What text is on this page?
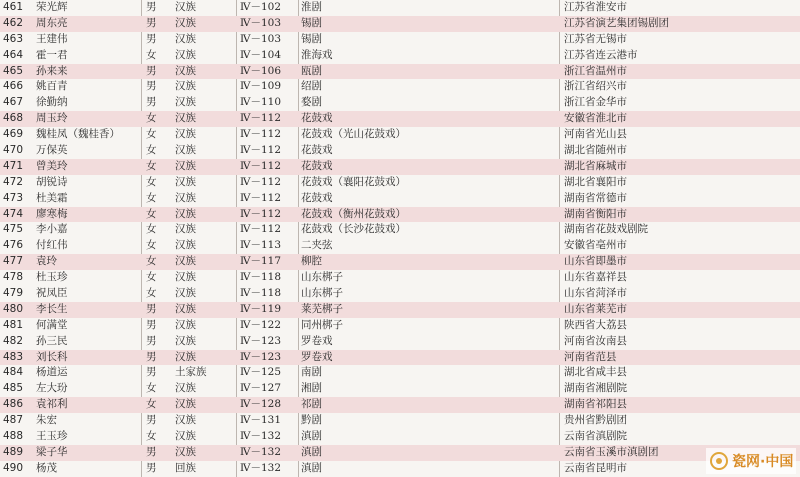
461	荣光辉	男	汉族	Ⅳ－102	淮剧	江苏省淮安市
462	周东亮	男	汉族	Ⅳ－103	锡剧	江苏省演艺集团锡剧团
463	王建伟	男	汉族	Ⅳ－103	锡剧	江苏省无锡市
464	霍一君	女	汉族	Ⅳ－104	淮海戏	江苏省连云港市
465	孙来来	男	汉族	Ⅳ－106	瓯剧	浙江省温州市
466	姚百青	男	汉族	Ⅳ－109	绍剧	浙江省绍兴市
467	徐勤纳	男	汉族	Ⅳ－110	婺剧	浙江省金华市
468	周玉玲	女	汉族	Ⅳ－112	花鼓戏	安徽省淮北市
469	魏桂凤（魏桂香）	女	汉族	Ⅳ－112	花鼓戏（光山花鼓戏）	河南省光山县
470	万保英	女	汉族	Ⅳ－112	花鼓戏	湖北省随州市
471	曾美玲	女	汉族	Ⅳ－112	花鼓戏	湖北省麻城市
472	胡锐诗	女	汉族	Ⅳ－112	花鼓戏（襄阳花鼓戏）	湖北省襄阳市
473	杜美霜	女	汉族	Ⅳ－112	花鼓戏	湖南省常德市
474	廖寒梅	女	汉族	Ⅳ－112	花鼓戏（衡州花鼓戏）	湖南省衡阳市
475	李小嘉	女	汉族	Ⅳ－112	花鼓戏（长沙花鼓戏）	湖南省花鼓戏剧院
476	付红伟	女	汉族	Ⅳ－113	二夹弦	安徽省亳州市
477	袁玲	女	汉族	Ⅳ－117	柳腔	山东省即墨市
478	杜玉珍	女	汉族	Ⅳ－118	山东梆子	山东省嘉祥县
479	祝凤臣	女	汉族	Ⅳ－118	山东梆子	山东省菏泽市
480	李长生	男	汉族	Ⅳ－119	莱芜梆子	山东省莱芜市
481	何满堂	男	汉族	Ⅳ－122	同州梆子	陕西省大荔县
482	孙三民	男	汉族	Ⅳ－123	罗卷戏	河南省汝南县
483	刘长科	男	汉族	Ⅳ－123	罗卷戏	河南省范县
484	杨道运	男	土家族	Ⅳ－125	南剧	湖北省咸丰县
485	左大玢	女	汉族	Ⅳ－127	湘剧	湖南省湘剧院
486	袁祁利	女	汉族	Ⅳ－128	祁剧	湖南省祁阳县
487	朱宏	男	汉族	Ⅳ－131	黔剧	贵州省黔剧团
488	王玉珍	女	汉族	Ⅳ－132	滇剧	云南省滇剧院
489	梁子华	男	汉族	Ⅳ－132	滇剧	云南省玉溪市滇剧团
490	杨茂	男	回族	Ⅳ－132	滇剧	云南省昆明市	瓷网·中国
